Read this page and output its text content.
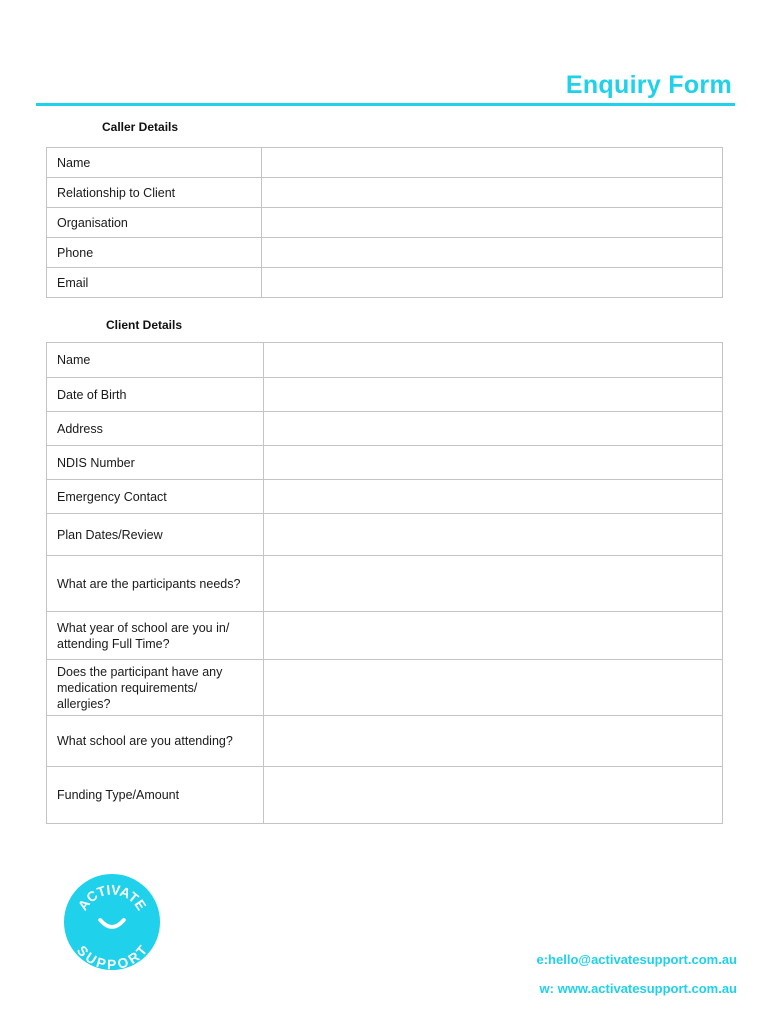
Enquiry Form
Caller Details
Name	
Relationship to Client	
Organisation	
Phone	
Email	
Client Details
Name	
Date of Birth	
Address	
NDIS Number	
Emergency Contact	
Plan Dates/Review	
What are the participants needs?	
What year of school are you in/ attending Full Time?	
Does the participant have any medication requirements/ allergies?	
What school are you attending?	
Funding Type/Amount	
ACTIVATE
SUPPORT
e:hello@activatesupport.com.au
w: www.activatesupport.com.au
